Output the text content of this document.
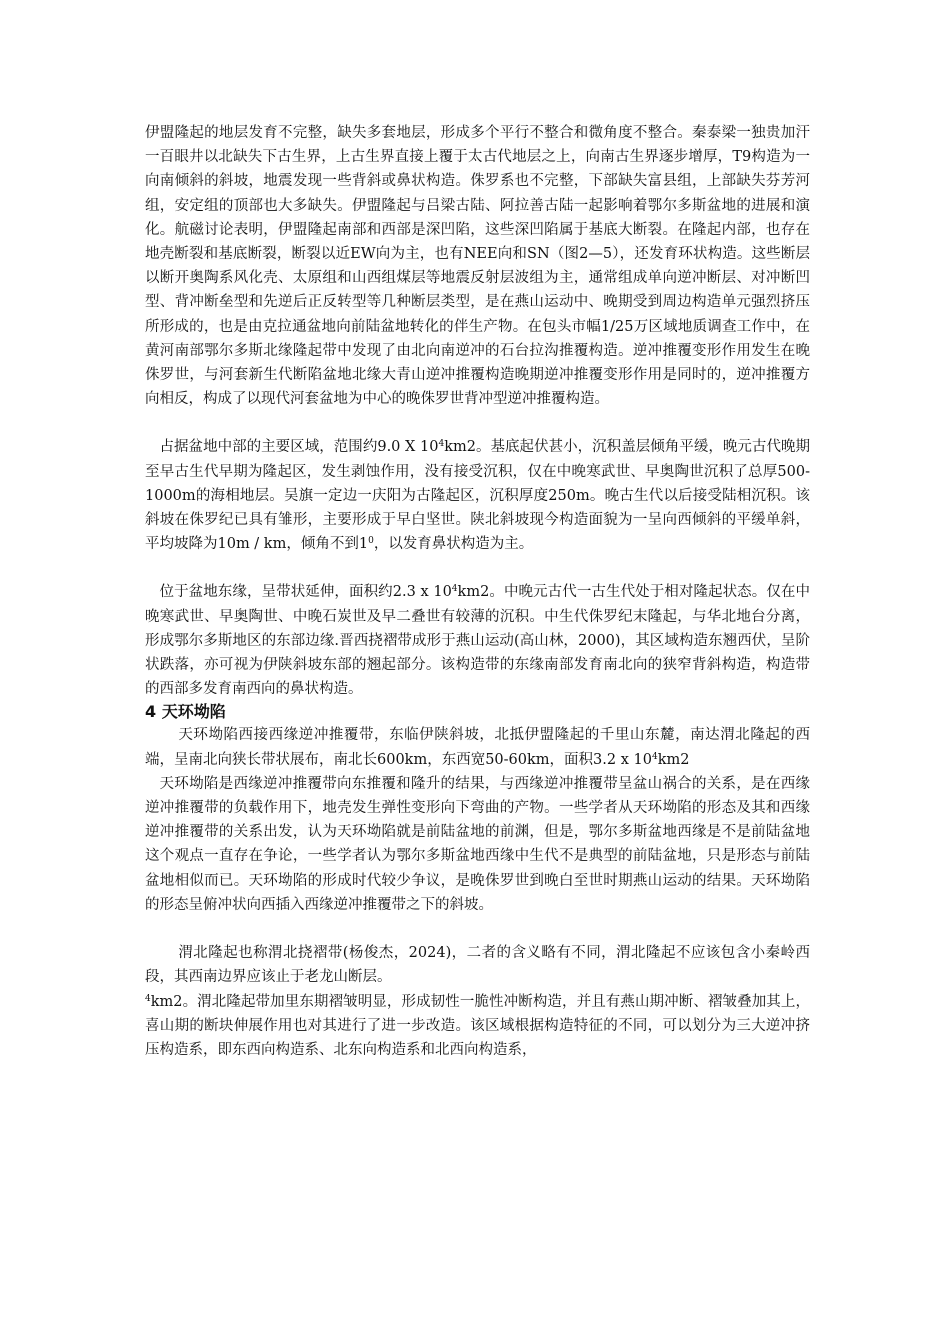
伊盟隆起的地层发育不完整，缺失多套地层，形成多个平行不整合和微角度不整合。秦泰梁一独贵加汗一百眼井以北缺失下古生界，上古生界直接上覆于太古代地层之上，向南古生界逐步增厚，T9构造为一向南倾斜的斜坡，地震发现一些背斜或鼻状构造。侏罗系也不完整，下部缺失富县组，上部缺失芬芳河组，安定组的顶部也大多缺失。伊盟隆起与吕梁古陆、阿拉善古陆一起影响着鄂尔多斯盆地的进展和演化。航磁讨论表明，伊盟隆起南部和西部是深凹陷，这些深凹陷属于基底大断裂。在隆起内部，也存在地壳断裂和基底断裂，断裂以近EW向为主，也有NEE向和SN（图2—5），还发育环状构造。这些断层以断开奥陶系风化壳、太原组和山西组煤层等地震反射层波组为主，通常组成单向逆冲断层、对冲断凹型、背冲断垒型和先逆后正反转型等几种断层类型，是在燕山运动中、晚期受到周边构造单元强烈挤压所形成的，也是由克拉通盆地向前陆盆地转化的伴生产物。在包头市幅1/25万区域地质调查工作中，在黄河南部鄂尔多斯北缘隆起带中发现了由北向南逆冲的石台拉沟推覆构造。逆冲推覆变形作用发生在晚侏罗世，与河套新生代断陷盆地北缘大青山逆冲推覆构造晚期逆冲推覆变形作用是同时的，逆冲推覆方向相反，构成了以现代河套盆地为中心的晚侏罗世背冲型逆冲推覆构造。

占据盆地中部的主要区域，范围约9.0 X $10^4km2$。基底起伏甚小，沉积盖层倾角平缓，晚元古代晚期至早古生代早期为隆起区，发生剥蚀作用，没有接受沉积，仅在中晚寒武世、早奥陶世沉积了总厚500-1000m的海相地层。吴旗一定边一庆阳为古隆起区，沉积厚度250m。晚古生代以后接受陆相沉积。该斜坡在侏罗纪已具有雏形，主要形成于早白坚世。陕北斜坡现今构造面貌为一呈向西倾斜的平缓单斜，平均坡降为10m / km，倾角不到$1^0$，以发育鼻状构造为主。

位于盆地东缘，呈带状延伸，面积约2.3 x $10^4km2$。中晚元古代一古生代处于相对隆起状态。仅在中晚寒武世、早奥陶世、中晚石炭世及早二叠世有较薄的沉积。中生代侏罗纪末隆起，与华北地台分离，形成鄂尔多斯地区的东部边缘.晋西挠褶带成形于燕山运动(高山林，2000)，其区域构造东翘西伏，呈阶状跌落，亦可视为伊陕斜坡东部的翘起部分。该构造带的东缘南部发育南北向的狭窄背斜构造，构造带的西部多发育南西向的鼻状构造。

4 天环坳陷

天环坳陷西接西缘逆冲推覆带，东临伊陕斜坡，北抵伊盟隆起的千里山东麓，南达渭北隆起的西端，呈南北向狭长带状展布，南北长600km，东西宽50-60km，面积3.2 x $10^4km2$

天环坳陷是西缘逆冲推覆带向东推覆和隆升的结果，与西缘逆冲推覆带呈盆山祸合的关系，是在西缘逆冲推覆带的负载作用下，地壳发生弹性变形向下弯曲的产物。一些学者从天环坳陷的形态及其和西缘逆冲推覆带的关系出发，认为天环坳陷就是前陆盆地的前渊，但是，鄂尔多斯盆地西缘是不是前陆盆地这个观点一直存在争论，一些学者认为鄂尔多斯盆地西缘中生代不是典型的前陆盆地，只是形态与前陆盆地相似而已。天环坳陷的形成时代较少争议，是晚侏罗世到晚白至世时期燕山运动的结果。天环坳陷的形态呈俯冲状向西插入西缘逆冲推覆带之下的斜坡。

渭北隆起也称渭北挠褶带(杨俊杰，2024)，二者的含义略有不同，渭北隆起不应该包含小秦岭西段，其西南边界应该止于老龙山断层。

$^4$km2。渭北隆起带加里东期褶皱明显，形成韧性一脆性冲断构造，并且有燕山期冲断、褶皱叠加其上，喜山期的断块伸展作用也对其进行了进一步改造。该区域根据构造特征的不同，可以划分为三大逆冲挤压构造系，即东西向构造系、北东向构造系和北西向构造系，
